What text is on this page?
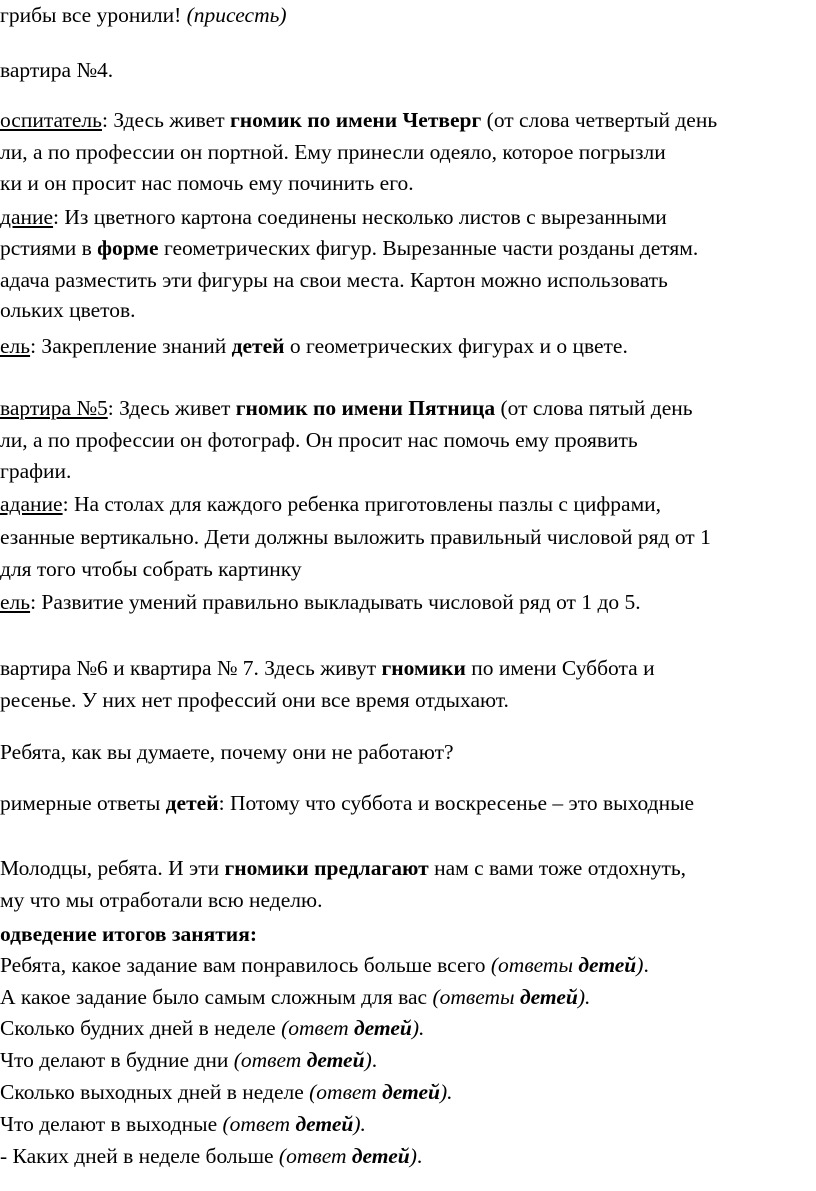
грибы все уронили! (присесть)
вартира №4.
оспитатель: Здесь живет гномик по имени Четверг (от слова четвертый день
ли, а по профессии он портной. Ему принесли одеяло, которое погрызли
ки и он просит нас помочь ему починить его.
дание: Из цветного картона соединены несколько листов с вырезанными
рстиями в форме геометрических фигур. Вырезанные части розданы детям.
адача разместить эти фигуры на свои места. Картон можно использовать
ольких цветов.
ель: Закрепление знаний детей о геометрических фигурах и о цвете.
вартира №5: Здесь живет гномик по имени Пятница (от слова пятый день
ли, а по профессии он фотограф. Он просит нас помочь ему проявить
графии.
адание: На столах для каждого ребенка приготовлены пазлы с цифрами,
езанные вертикально. Дети должны выложить правильный числовой ряд от 1
для того чтобы собрать картинку
ель: Развитие умений правильно выкладывать числовой ряд от 1 до 5.
вартира №6 и квартира № 7. Здесь живут гномики по имени Суббота и
ресенье. У них нет профессий они все время отдыхают.
Ребята, как вы думаете, почему они не работают?
римерные ответы детей: Потому что суббота и воскресенье – это выходные
Молодцы, ребята. И эти гномики предлагают нам с вами тоже отдохнуть,
му что мы отработали всю неделю.
одведение итогов занятия:
Ребята, какое задание вам понравилось больше всего (ответы детей).
А какое задание было самым сложным для вас (ответы детей).
Сколько будних дней в неделе (ответ детей).
Что делают в будние дни (ответ детей).
Сколько выходных дней в неделе (ответ детей).
Что делают в выходные (ответ детей).
- Каких дней в неделе больше (ответ детей).
